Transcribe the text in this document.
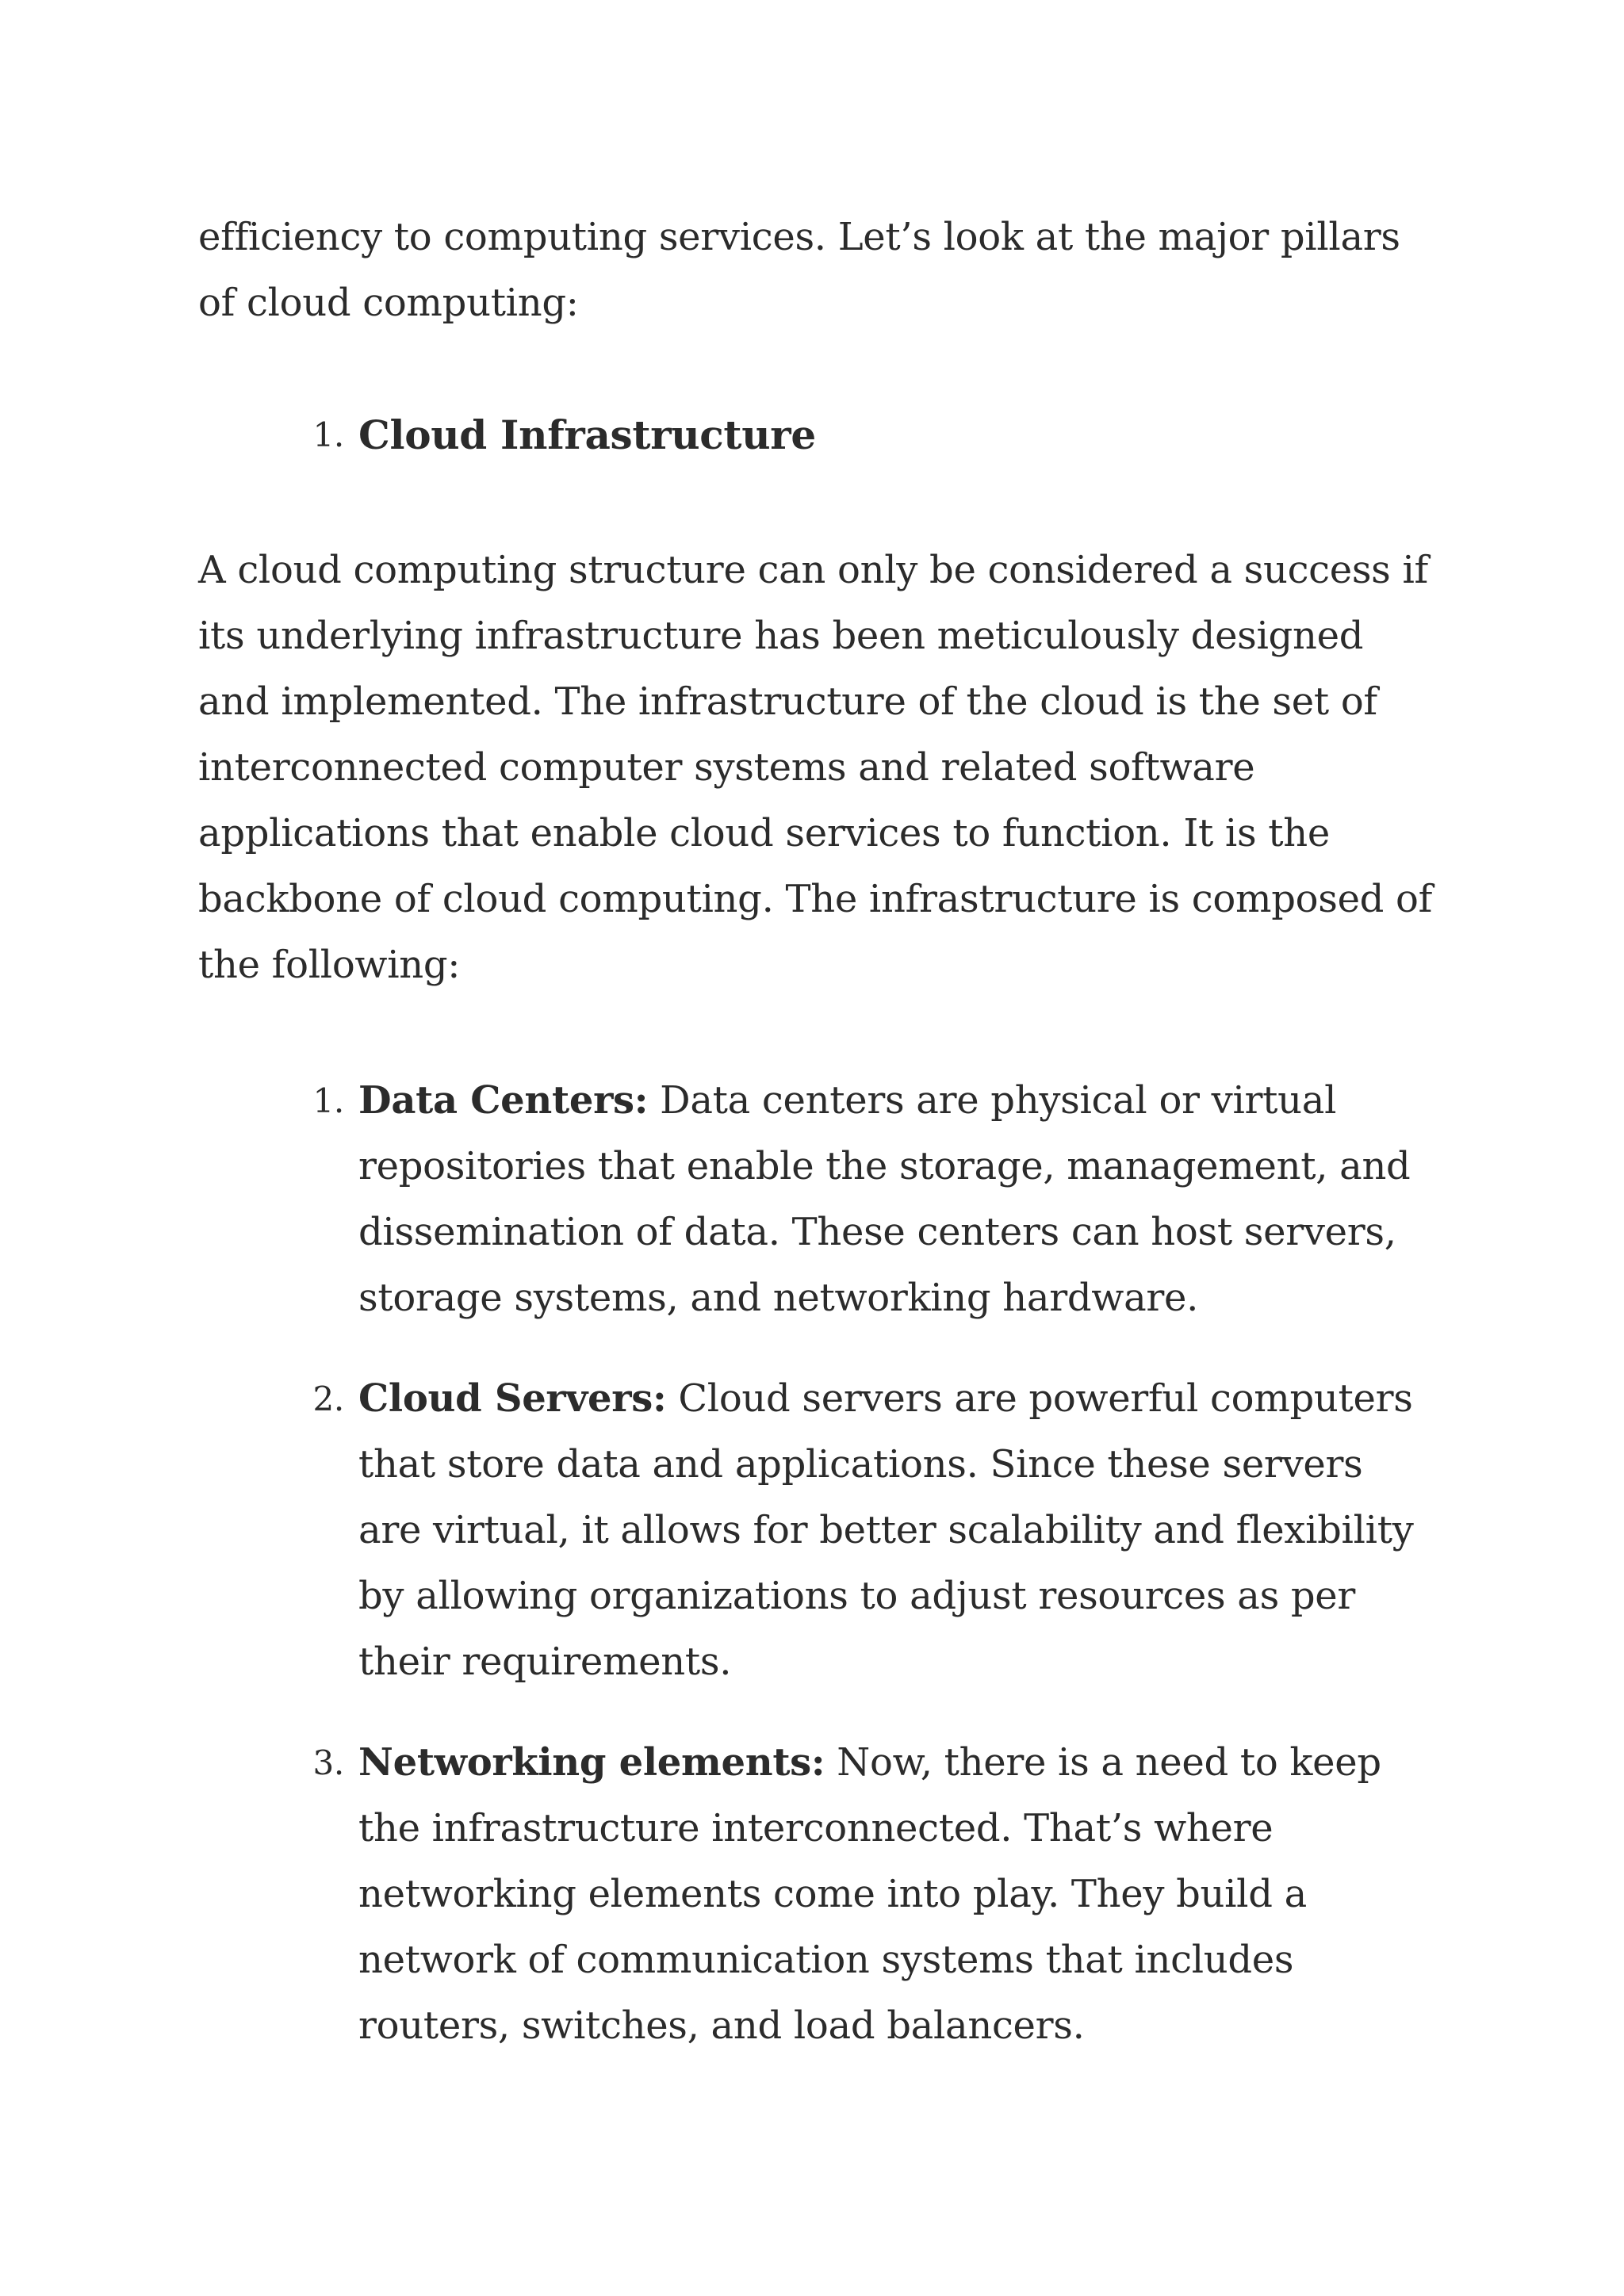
efficiency to computing services. Let’s look at the major pillars of cloud computing:

1. Cloud Infrastructure

A cloud computing structure can only be considered a success if its underlying infrastructure has been meticulously designed and implemented. The infrastructure of the cloud is the set of interconnected computer systems and related software applications that enable cloud services to function. It is the backbone of cloud computing. The infrastructure is composed of the following:

1. Data Centers: Data centers are physical or virtual repositories that enable the storage, management, and dissemination of data. These centers can host servers, storage systems, and networking hardware.
2. Cloud Servers: Cloud servers are powerful computers that store data and applications. Since these servers are virtual, it allows for better scalability and flexibility by allowing organizations to adjust resources as per their requirements.
3. Networking elements: Now, there is a need to keep the infrastructure interconnected. That’s where networking elements come into play. They build a network of communication systems that includes routers, switches, and load balancers.
